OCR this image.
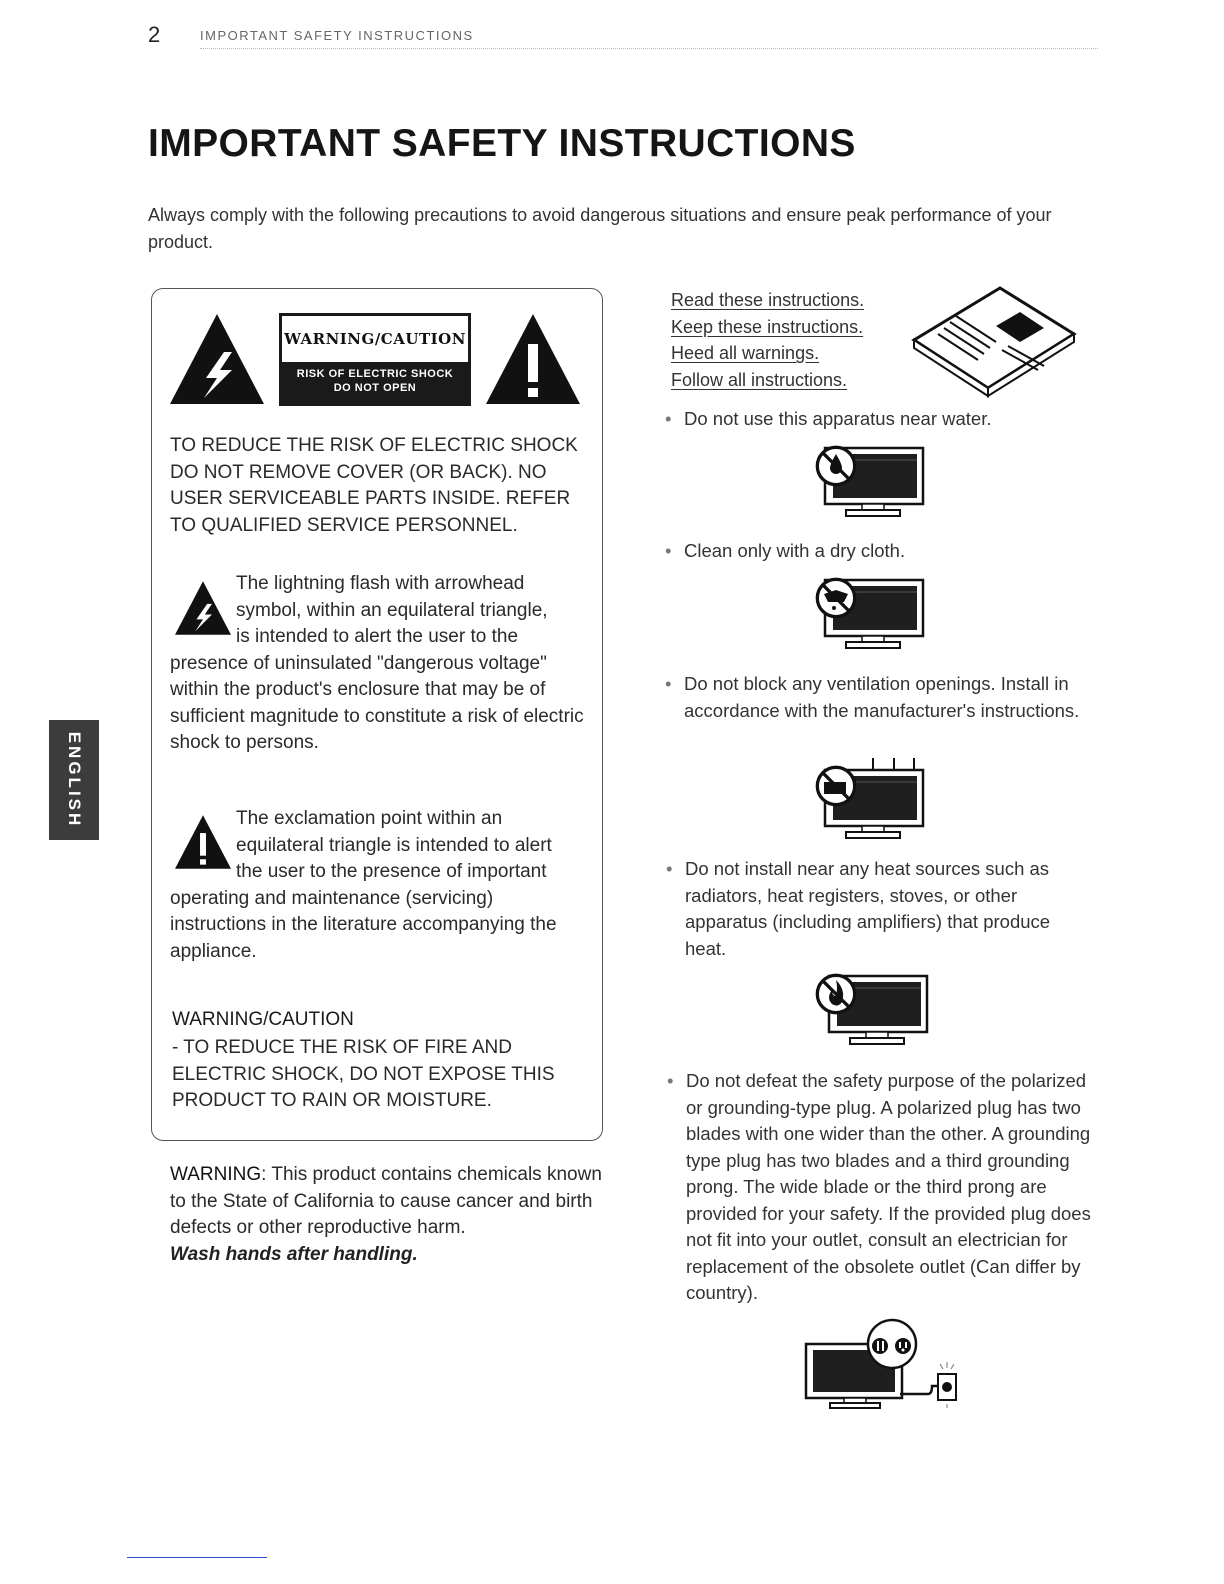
2	IMPORTANT SAFETY INSTRUCTIONS
IMPORTANT SAFETY INSTRUCTIONS

Always comply with the following precautions to avoid dangerous situations and ensure peak performance of your product.

ENGLISH
WARNING/CAUTION
RISK OF ELECTRIC SHOCK
DO NOT OPEN

TO REDUCE THE RISK OF ELECTRIC SHOCK DO NOT REMOVE COVER (OR BACK). NO USER SERVICEABLE PARTS INSIDE. REFER TO QUALIFIED SERVICE PERSONNEL.

The lightning flash with arrowhead
symbol, within an equilateral triangle,
is intended to alert the user to the
presence of uninsulated "dangerous voltage" within the product's enclosure that may be of sufficient magnitude to constitute a risk of electric shock to persons.

The exclamation point within an
equilateral triangle is intended to alert
the user to the presence of important
operating and maintenance (servicing) instructions in the literature accompanying the appliance.

WARNING/CAUTION

- TO REDUCE THE RISK OF FIRE AND ELECTRIC SHOCK, DO NOT EXPOSE THIS PRODUCT TO RAIN OR MOISTURE.

WARNING: This product contains chemicals known to the State of California to cause cancer and birth defects or other reproductive harm.
Wash hands after handling.

Read these instructions.
Keep these instructions.
Heed all warnings.
Follow all instructions.

• Do not use this apparatus near water.

• Clean only with a dry cloth.

• Do not block any ventilation openings. Install in accordance with the manufacturer's instructions.

• Do not install near any heat sources such as radiators, heat registers, stoves, or other apparatus (including amplifiers) that produce heat.

• Do not defeat the safety purpose of the polarized or grounding-type plug. A polarized plug has two blades with one wider than the other. A grounding type plug has two blades and a third grounding prong. The wide blade or the third prong are provided for your safety. If the provided plug does not fit into your outlet, consult an electrician for replacement of the obsolete outlet (Can differ by country).
